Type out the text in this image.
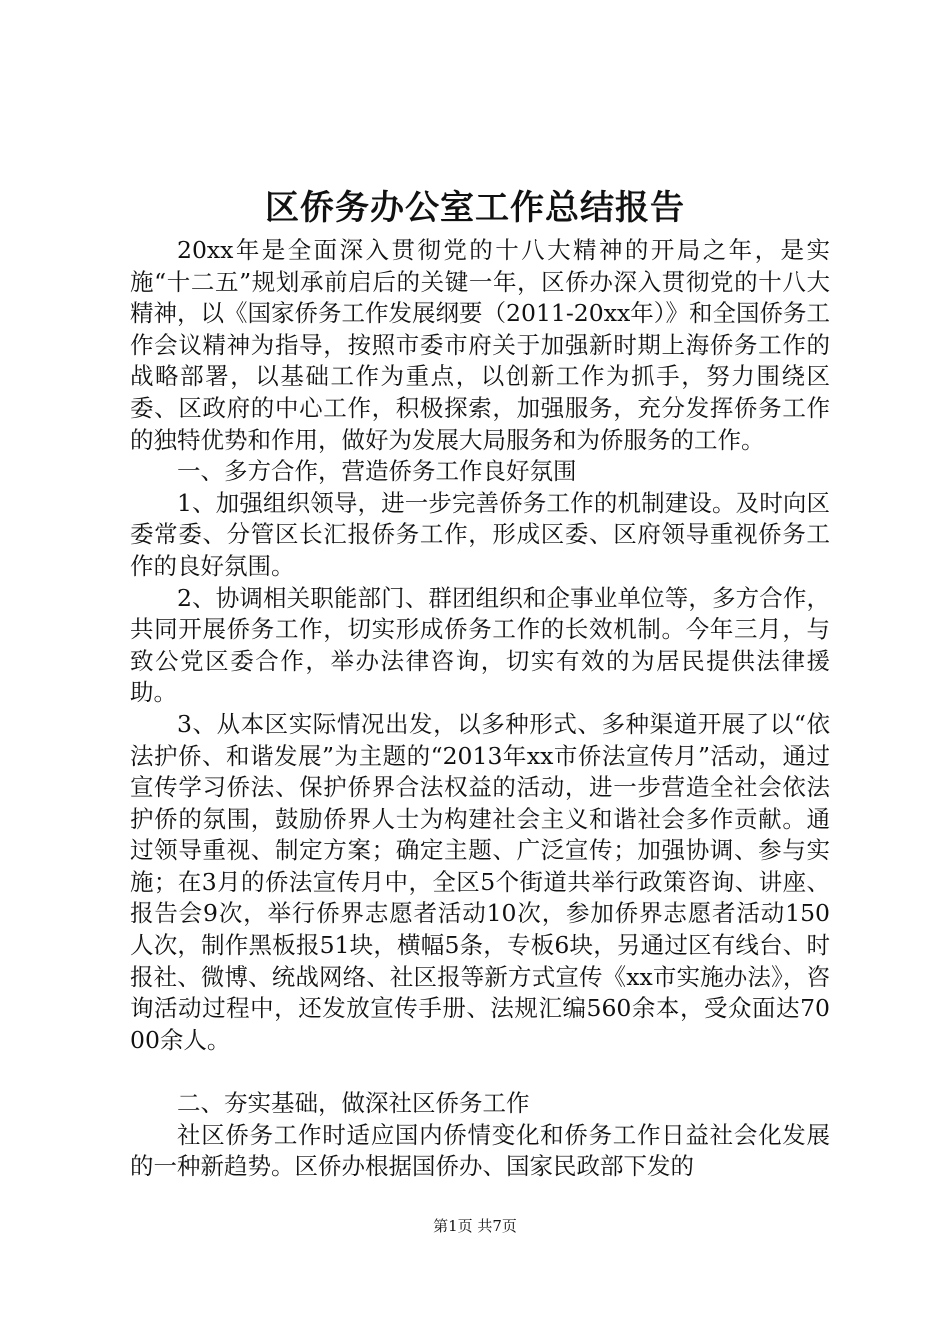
区侨务办公室工作总结报告

20xx年是全面深入贯彻党的十八大精神的开局之年，是实施“十二五”规划承前启后的关键一年，区侨办深入贯彻党的十八大精神，以《国家侨务工作发展纲要（2011-20xx年）》和全国侨务工作会议精神为指导，按照市委市府关于加强新时期上海侨务工作的战略部署，以基础工作为重点，以创新工作为抓手，努力围绕区委、区政府的中心工作，积极探索，加强服务，充分发挥侨务工作的独特优势和作用，做好为发展大局服务和为侨服务的工作。

一、多方合作，营造侨务工作良好氛围

1、加强组织领导，进一步完善侨务工作的机制建设。及时向区委常委、分管区长汇报侨务工作，形成区委、区府领导重视侨务工作的良好氛围。

2、协调相关职能部门、群团组织和企事业单位等，多方合作，共同开展侨务工作，切实形成侨务工作的长效机制。今年三月，与致公党区委合作，举办法律咨询，切实有效的为居民提供法律援助。

3、从本区实际情况出发，以多种形式、多种渠道开展了以“依法护侨、和谐发展”为主题的“2013年xx市侨法宣传月”活动，通过宣传学习侨法、保护侨界合法权益的活动，进一步营造全社会依法护侨的氛围，鼓励侨界人士为构建社会主义和谐社会多作贡献。通过领导重视、制定方案；确定主题、广泛宣传；加强协调、参与实施；在3月的侨法宣传月中，全区5个街道共举行政策咨询、讲座、报告会9次，举行侨界志愿者活动10次，参加侨界志愿者活动150人次，制作黑板报51块，横幅5条，专板6块，另通过区有线台、时报社、微博、统战网络、社区报等新方式宣传《xx市实施办法》，咨询活动过程中，还发放宣传手册、法规汇编560余本，受众面达7000余人。

二、夯实基础，做深社区侨务工作

社区侨务工作时适应国内侨情变化和侨务工作日益社会化发展的一种新趋势。区侨办根据国侨办、国家民政部下发的

第1页 共7页
